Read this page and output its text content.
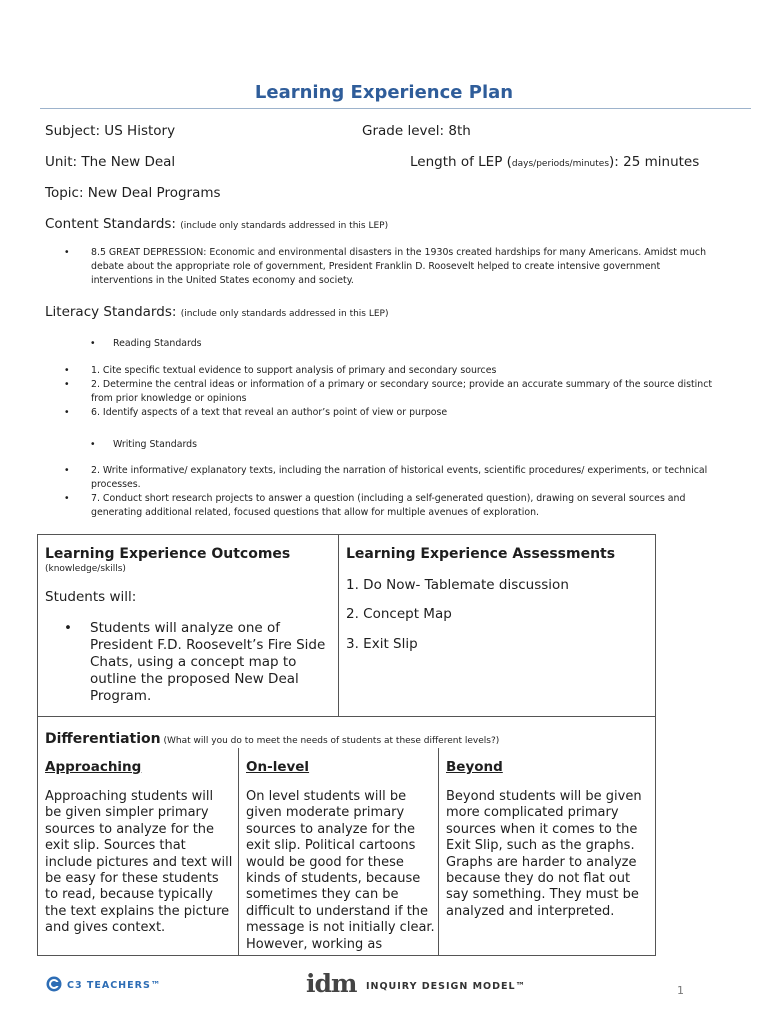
Learning Experience Plan
Subject: US History	Grade level: 8th
Unit: The New Deal	Length of LEP (days/periods/minutes): 25 minutes
Topic: New Deal Programs
Content Standards: (include only standards addressed in this LEP)
• 8.5 GREAT DEPRESSION: Economic and environmental disasters in the 1930s created hardships for many Americans. Amidst much debate about the appropriate role of government, President Franklin D. Roosevelt helped to create intensive government interventions in the United States economy and society.
Literacy Standards: (include only standards addressed in this LEP)
• Reading Standards
• 1. Cite specific textual evidence to support analysis of primary and secondary sources
• 2. Determine the central ideas or information of a primary or secondary source; provide an accurate summary of the source distinct from prior knowledge or opinions
• 6. Identify aspects of a text that reveal an author’s point of view or purpose
• Writing Standards
• 2. Write informative/ explanatory texts, including the narration of historical events, scientific procedures/ experiments, or technical processes.
• 7. Conduct short research projects to answer a question (including a self-generated question), drawing on several sources and generating additional related, focused questions that allow for multiple avenues of exploration.
Learning Experience Outcomes
(knowledge/skills)
Students will:
• Students will analyze one of President F.D. Roosevelt’s Fire Side Chats, using a concept map to outline the proposed New Deal Program.
Learning Experience Assessments
1. Do Now- Tablemate discussion
2. Concept Map
3. Exit Slip
Differentiation (What will you do to meet the needs of students at these different levels?)
Approaching
Approaching students will be given simpler primary sources to analyze for the exit slip. Sources that include pictures and text will be easy for these students to read, because typically the text explains the picture and gives context.
On-level
On level students will be given moderate primary sources to analyze for the exit slip. Political cartoons would be good for these kinds of students, because sometimes they can be difficult to understand if the message is not initially clear. However, working as
Beyond
Beyond students will be given more complicated primary sources when it comes to the Exit Slip, such as the graphs. Graphs are harder to analyze because they do not flat out say something. They must be analyzed and interpreted.
C3 TEACHERS™	idm INQUIRY DESIGN MODEL™	1
